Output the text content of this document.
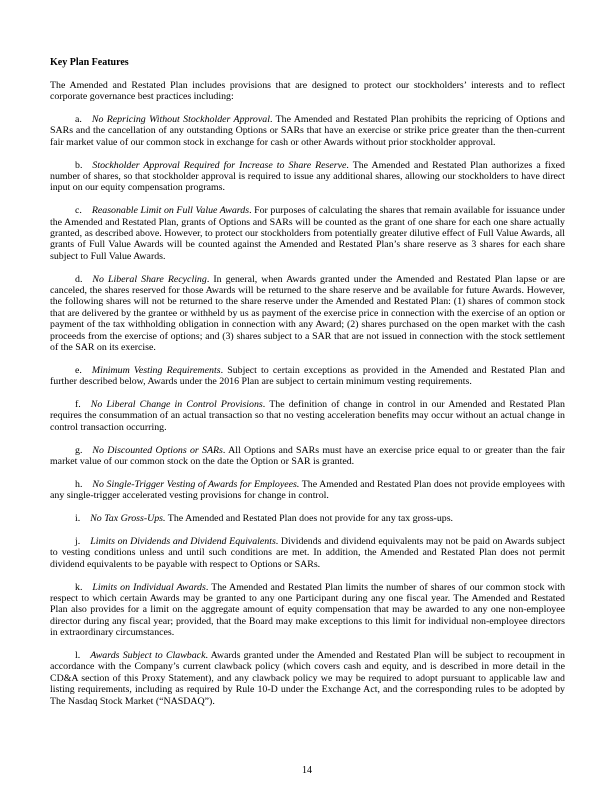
Key Plan Features

The Amended and Restated Plan includes provisions that are designed to protect our stockholders’ interests and to reflect corporate governance best practices including:

a. No Repricing Without Stockholder Approval. The Amended and Restated Plan prohibits the repricing of Options and SARs and the cancellation of any outstanding Options or SARs that have an exercise or strike price greater than the then-current fair market value of our common stock in exchange for cash or other Awards without prior stockholder approval.

b. Stockholder Approval Required for Increase to Share Reserve. The Amended and Restated Plan authorizes a fixed number of shares, so that stockholder approval is required to issue any additional shares, allowing our stockholders to have direct input on our equity compensation programs.

c. Reasonable Limit on Full Value Awards. For purposes of calculating the shares that remain available for issuance under the Amended and Restated Plan, grants of Options and SARs will be counted as the grant of one share for each one share actually granted, as described above. However, to protect our stockholders from potentially greater dilutive effect of Full Value Awards, all grants of Full Value Awards will be counted against the Amended and Restated Plan’s share reserve as 3 shares for each share subject to Full Value Awards.

d. No Liberal Share Recycling. In general, when Awards granted under the Amended and Restated Plan lapse or are canceled, the shares reserved for those Awards will be returned to the share reserve and be available for future Awards. However, the following shares will not be returned to the share reserve under the Amended and Restated Plan: (1) shares of common stock that are delivered by the grantee or withheld by us as payment of the exercise price in connection with the exercise of an option or payment of the tax withholding obligation in connection with any Award; (2) shares purchased on the open market with the cash proceeds from the exercise of options; and (3) shares subject to a SAR that are not issued in connection with the stock settlement of the SAR on its exercise.

e. Minimum Vesting Requirements. Subject to certain exceptions as provided in the Amended and Restated Plan and further described below, Awards under the 2016 Plan are subject to certain minimum vesting requirements.

f. No Liberal Change in Control Provisions. The definition of change in control in our Amended and Restated Plan requires the consummation of an actual transaction so that no vesting acceleration benefits may occur without an actual change in control transaction occurring.

g. No Discounted Options or SARs. All Options and SARs must have an exercise price equal to or greater than the fair market value of our common stock on the date the Option or SAR is granted.

h. No Single-Trigger Vesting of Awards for Employees. The Amended and Restated Plan does not provide employees with any single-trigger accelerated vesting provisions for change in control.

i. No Tax Gross-Ups. The Amended and Restated Plan does not provide for any tax gross-ups.

j. Limits on Dividends and Dividend Equivalents. Dividends and dividend equivalents may not be paid on Awards subject to vesting conditions unless and until such conditions are met. In addition, the Amended and Restated Plan does not permit dividend equivalents to be payable with respect to Options or SARs.

k. Limits on Individual Awards. The Amended and Restated Plan limits the number of shares of our common stock with respect to which certain Awards may be granted to any one Participant during any one fiscal year. The Amended and Restated Plan also provides for a limit on the aggregate amount of equity compensation that may be awarded to any one non-employee director during any fiscal year; provided, that the Board may make exceptions to this limit for individual non-employee directors in extraordinary circumstances.

l. Awards Subject to Clawback. Awards granted under the Amended and Restated Plan will be subject to recoupment in accordance with the Company’s current clawback policy (which covers cash and equity, and is described in more detail in the CD&A section of this Proxy Statement), and any clawback policy we may be required to adopt pursuant to applicable law and listing requirements, including as required by Rule 10-D under the Exchange Act, and the corresponding rules to be adopted by The Nasdaq Stock Market (“NASDAQ”).

14
